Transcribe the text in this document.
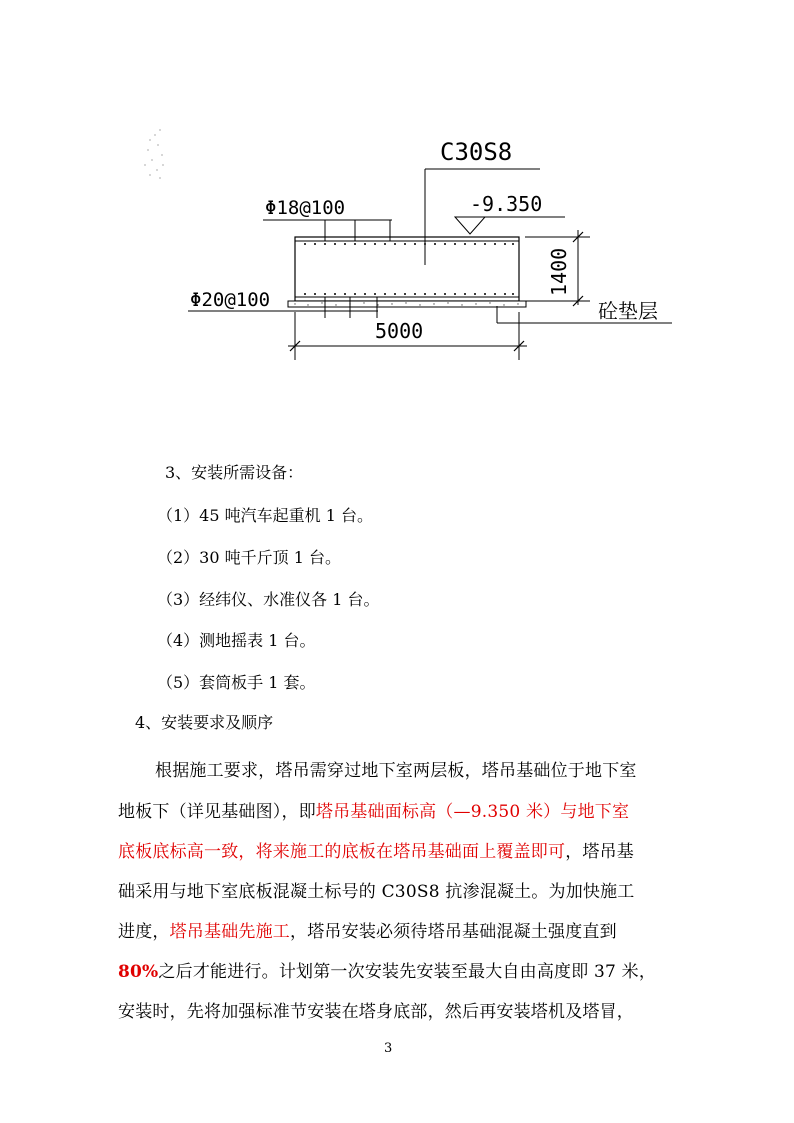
C30S8
-9.350
Φ18@100
Φ20@100
1400
砼垫层
5000
3、安装所需设备：
（1）45 吨汽车起重机 1 台。
（2）30 吨千斤顶 1 台。
（3）经纬仪、水准仪各 1 台。
（4）测地摇表 1 台。
（5）套筒板手 1 套。
4、安装要求及顺序
根据施工要求，塔吊需穿过地下室两层板，塔吊基础位于地下室
地板下（详见基础图），即塔吊基础面标高（—9.350 米）与地下室
底板底标高一致，将来施工的底板在塔吊基础面上覆盖即可，塔吊基
础采用与地下室底板混凝土标号的 C30S8 抗渗混凝土。为加快施工
进度，塔吊基础先施工，塔吊安装必须待塔吊基础混凝土强度直到
80%之后才能进行。计划第一次安装先安装至最大自由高度即 37 米，
安装时，先将加强标准节安装在塔身底部，然后再安装塔机及塔冒，
3
